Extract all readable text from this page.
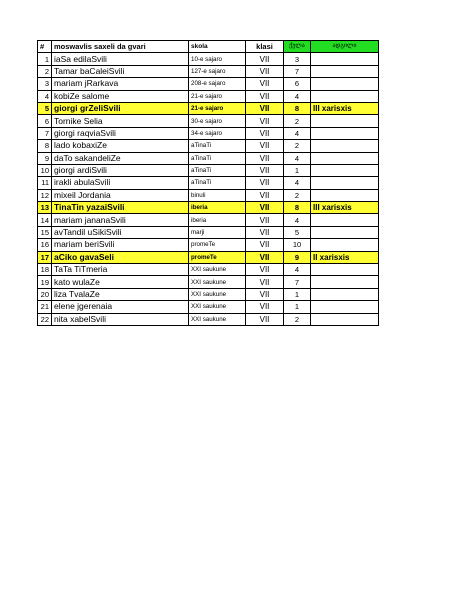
#	moswavlis saxeli da gvari	skola	klasi	ქულა	ადგილი
1	iaSa edilaSvili	10-e sajaro	VII	3	
2	Tamar baCaleiSvili	127-e sajaro	VII	7	
3	mariam jRarkava	208-e sajaro	VII	6	
4	kobiZe salome	21-e sajaro	VII	4	
5	giorgi grZeliSvili	21-e sajaro	VII	8	III xarisxis
6	Tornike Selia	30-e sajaro	VII	2	
7	giorgi raqviaSvili	34-e sajaro	VII	4	
8	lado kobaxiZe	aTinaTi	VII	2	
9	daTo sakandeliZe	aTinaTi	VII	4	
10	giorgi ardiSvili	aTinaTi	VII	1	
11	irakli abulaSvili	aTinaTi	VII	4	
12	mixeil Jordania	binuli	VII	2	
13	TinaTin yazaiSvili	iberia	VII	8	III xarisxis
14	mariam jananaSvili	iberia	VII	4	
15	avTandil uSikiSvili	marji	VII	5	
16	mariam beriSvili	promeTe	VII	10	
17	aCiko gavaSeli	promeTe	VII	9	II xarisxis
18	TaTa TiTmeria	XXI saukune	VII	4	
19	kato wulaZe	XXI saukune	VII	7	
20	liza TvalaZe	XXI saukune	VII	1	
21	elene jgerenaia	XXI saukune	VII	1	
22	nita xabelSvili	XXI saukune	VII	2	
